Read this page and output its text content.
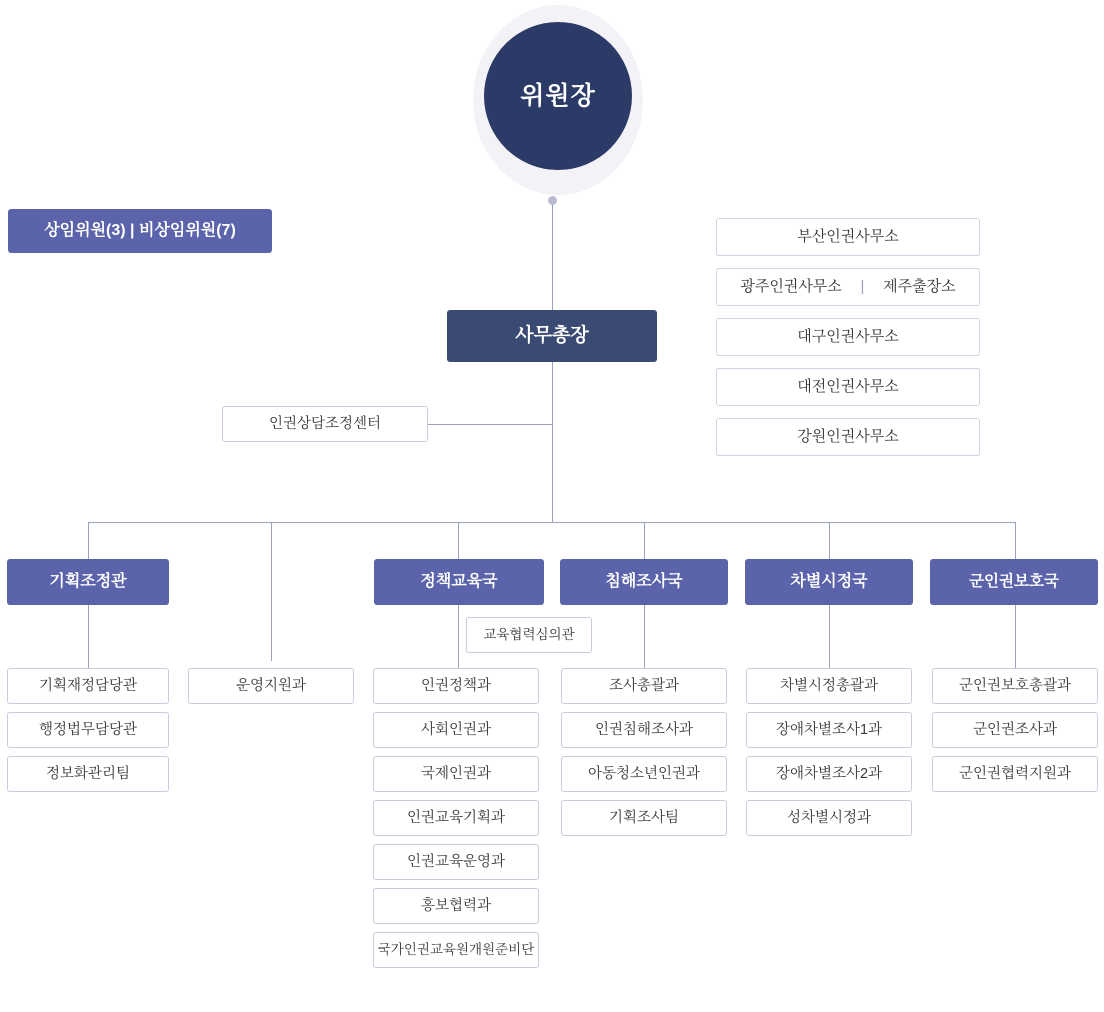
위원장
상임위원(3) | 비상임위원(7)
사무총장
부산인권사무소
광주인권사무소 | 제주출장소
대구인권사무소
대전인권사무소
강원인권사무소
인권상담조정센터
기획조정관	정책교육국	침해조사국	차별시정국	군인권보호국
기획재정담당관
행정법무담당관
정보화관리팀
운영지원과
교육협력심의관
인권정책과
사회인권과
국제인권과
인권교육기획과
인권교육운영과
홍보협력과
국가인권교육원개원준비단
조사총괄과
인권침해조사과
아동청소년인권과
기획조사팀
차별시정총괄과
장애차별조사1과
장애차별조사2과
성차별시정과
군인권보호총괄과
군인권조사과
군인권협력지원과
